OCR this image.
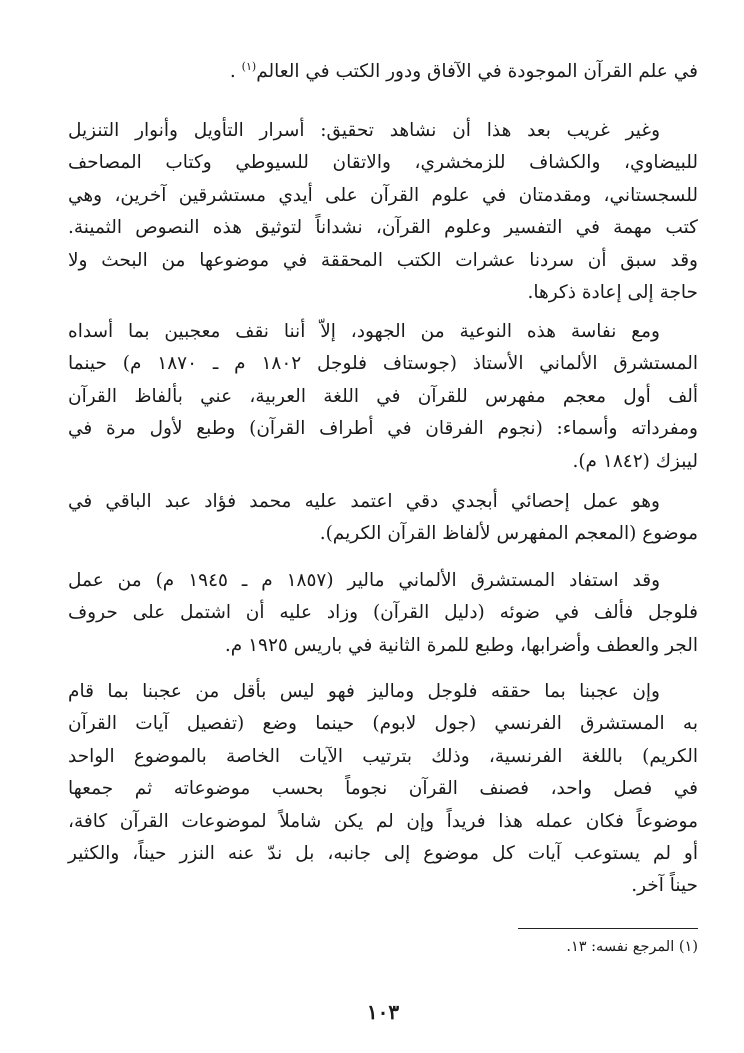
في علم القرآن الموجودة في الآفاق ودور الكتب في العالم$^{(١)}$ .

وغير غريب بعد هذا أن نشاهد تحقيق: أسرار التأويل وأنوار التنزيل
للبيضاوي، والكشاف للزمخشري، والاتقان للسيوطي وكتاب المصاحف
للسجستاني، ومقدمتان في علوم القرآن على أيدي مستشرقين آخرين، وهي
كتب مهمة في التفسير وعلوم القرآن، نشداناً لتوثيق هذه النصوص الثمينة.
وقد سبق أن سردنا عشرات الكتب المحققة في موضوعها من البحث ولا
حاجة إلى إعادة ذكرها.

ومع نفاسة هذه النوعية من الجهود، إلاّ أننا نقف معجبين بما أسداه
المستشرق الألماني الأستاذ (جوستاف فلوجل ١٨٠٢ م ـ ١٨٧٠ م) حينما
ألف أول معجم مفهرس للقرآن في اللغة العربية، عني بألفاظ القرآن
ومفرداته وأسماء: (نجوم الفرقان في أطراف القرآن) وطبع لأول مرة في
ليبزك (١٨٤٢ م).

وهو عمل إحصائي أبجدي دقي اعتمد عليه محمد فؤاد عبد الباقي في
موضوع (المعجم المفهرس لألفاظ القرآن الكريم).

وقد استفاد المستشرق الألماني مالير (١٨٥٧ م ـ ١٩٤٥ م) من عمل
فلوجل فألف في ضوئه (دليل القرآن) وزاد عليه أن اشتمل على حروف
الجر والعطف وأضرابها، وطبع للمرة الثانية في باريس ١٩٢٥ م.

وإن عجبنا بما حققه فلوجل وماليز فهو ليس بأقل من عجبنا بما قام
به المستشرق الفرنسي (جول لابوم) حينما وضع (تفصيل آيات القرآن
الكريم) باللغة الفرنسية، وذلك بترتيب الآيات الخاصة بالموضوع الواحد
في فصل واحد، فصنف القرآن نجوماً بحسب موضوعاته ثم جمعها
موضوعاً فكان عمله هذا فريداً وإن لم يكن شاملاً لموضوعات القرآن كافة،
أو لم يستوعب آيات كل موضوع إلى جانبه، بل ندّ عنه النزر حيناً، والكثير
حيناً آخر.

(١) المرجع نفسه: ١٣.
١٠٣
